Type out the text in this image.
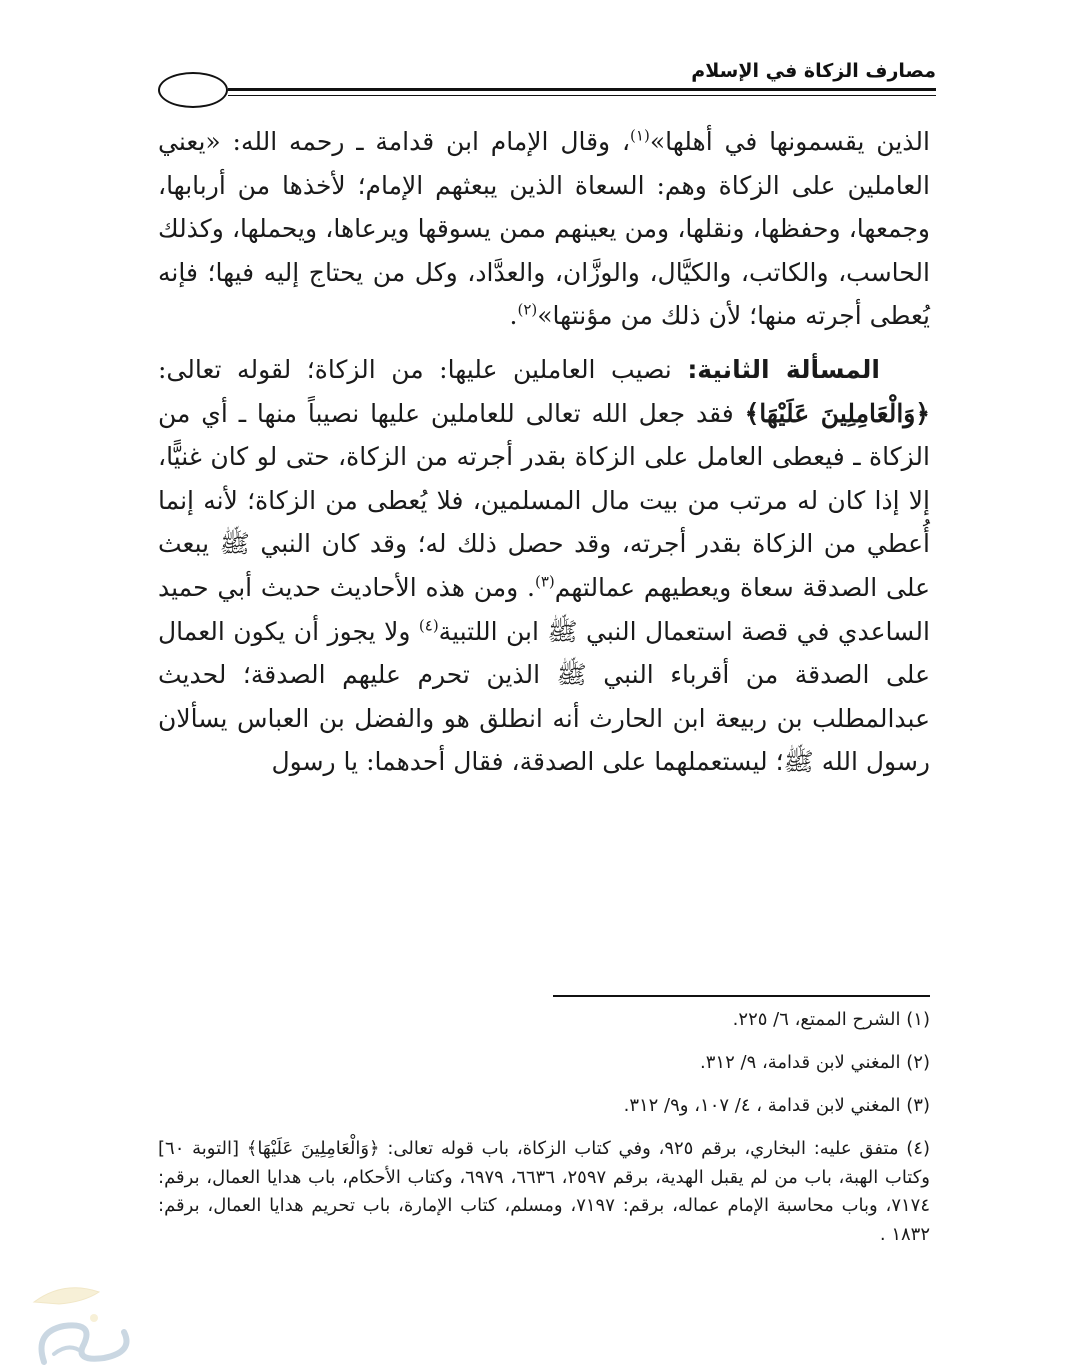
مصارف الزكاة في الإسلام

الذين يقسمونها في أهلها»$^{(١)}$، وقال الإمام ابن قدامة ـ رحمه الله: «يعني العاملين على الزكاة وهم: السعاة الذين يبعثهم الإمام؛ لأخذها من أربابها، وجمعها، وحفظها، ونقلها، ومن يعينهم ممن يسوقها ويرعاها، ويحملها، وكذلك الحاسب، والكاتب، والكيَّال، والوزَّان، والعدَّاد، وكل من يحتاج إليه فيها؛ فإنه يُعطى أجرته منها؛ لأن ذلك من مؤنتها»$^{(٢)}$.

المسألة الثانية: نصيب العاملين عليها: من الزكاة؛ لقوله تعالى: ﴿وَالْعَامِلِينَ عَلَيْهَا﴾ فقد جعل الله تعالى للعاملين عليها نصيباً منها ـ أي من الزكاة ـ فيعطى العامل على الزكاة بقدر أجرته من الزكاة، حتى لو كان غنيًّا، إلا إذا كان له مرتب من بيت مال المسلمين، فلا يُعطى من الزكاة؛ لأنه إنما أُعطي من الزكاة بقدر أجرته، وقد حصل ذلك له؛ وقد كان النبي ﷺ يبعث على الصدقة سعاة ويعطيهم عمالتهم$^{(٣)}$. ومن هذه الأحاديث حديث أبي حميد الساعدي في قصة استعمال النبي ﷺ ابن اللتبية$^{(٤)}$ ولا يجوز أن يكون العمال على الصدقة من أقرباء النبي ﷺ الذين تحرم عليهم الصدقة؛ لحديث عبدالمطلب بن ربيعة ابن الحارث أنه انطلق هو والفضل بن العباس يسألان رسول الله ﷺ؛ ليستعملهما على الصدقة، فقال أحدهما: يا رسول

(١) الشرح الممتع، ٦/ ٢٢٥.

(٢) المغني لابن قدامة، ٩/ ٣١٢.

(٣) المغني لابن قدامة ، ٤/ ١٠٧، و٩/ ٣١٢.

(٤) متفق عليه: البخاري، برقم ٩٢٥، وفي كتاب الزكاة، باب قوله تعالى: ﴿وَالْعَامِلِينَ عَلَيْهَا﴾ [التوبة ٦٠] وكتاب الهبة، باب من لم يقبل الهدية، برقم ٢٥٩٧، ٦٦٣٦، ٦٩٧٩، وكتاب الأحكام، باب هدايا العمال، برقم: ٧١٧٤، وباب محاسبة الإمام عماله، برقم: ٧١٩٧، ومسلم، كتاب الإمارة، باب تحريم هدايا العمال، برقم: ١٨٣٢ .
